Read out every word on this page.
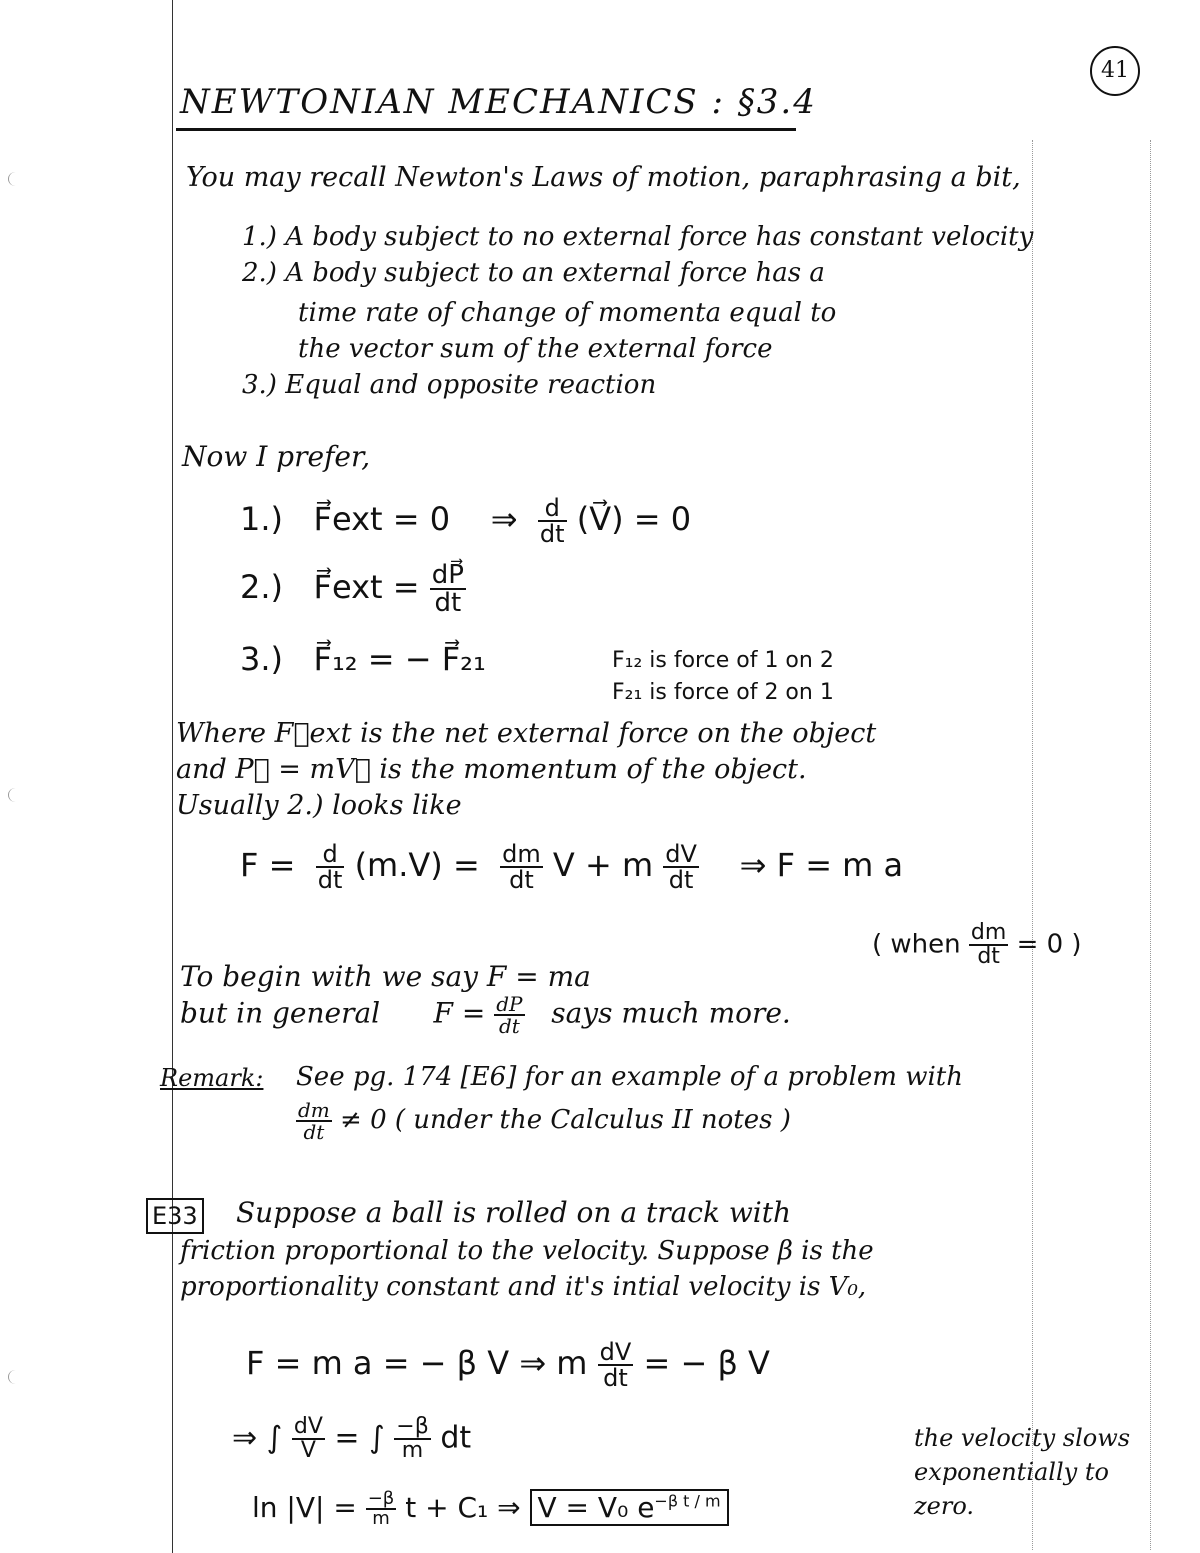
41
NEWTONIAN MECHANICS : §3.4
You may recall Newton's Laws of motion, paraphrasing a bit,
1.) A body subject to no external force has constant velocity
2.) A body subject to an external force has a
time rate of change of momenta equal to
the vector sum of the external force
3.) Equal and opposite reaction
Now I prefer,
1.) F⃗ext = 0 ⇒ $\frac{d}{dt}$ (V⃗) = 0
2.) F⃗ext = $\frac{dP⃗}{dt}$
3.) F⃗₁₂ = − F⃗₂₁	F₁₂ is force of 1 on 2
F₂₁ is force of 2 on 1
Where F⃗ext is the net external force on the object
and P⃗ = mV⃗ is the momentum of the object.
Usually 2.) looks like
$F = \frac{d}{dt} (m.V) = \frac{dm}{dt}$ V + m $\frac{dV}{dt}$ ⇒ F = m a
( when $\frac{dm}{dt} = 0$ )
To begin with we say F = ma
but in general $F = \frac{dP}{dt}$ says much more.
Remark: See pg. 174 [E6] for an example of a problem with
$\frac{dm}{dt} \ne 0$ ( under the Calculus II notes )
E33 Suppose a ball is rolled on a track with
friction proportional to the velocity. Suppose β is the
proportionality constant and it's intial velocity is V₀,
F = m a = − β V ⇒ m $\frac{dV}{dt}$ = − β V
⇒ ∫ $\frac{dV}{V}$ = ∫ $\frac{-\beta}{m}$ dt
$\ln |V| = \frac{-\beta}{m}$ t + C₁ ⇒ V = V₀ $e^{-\beta t / m}$
the velocity slows
exponentially to
zero.
